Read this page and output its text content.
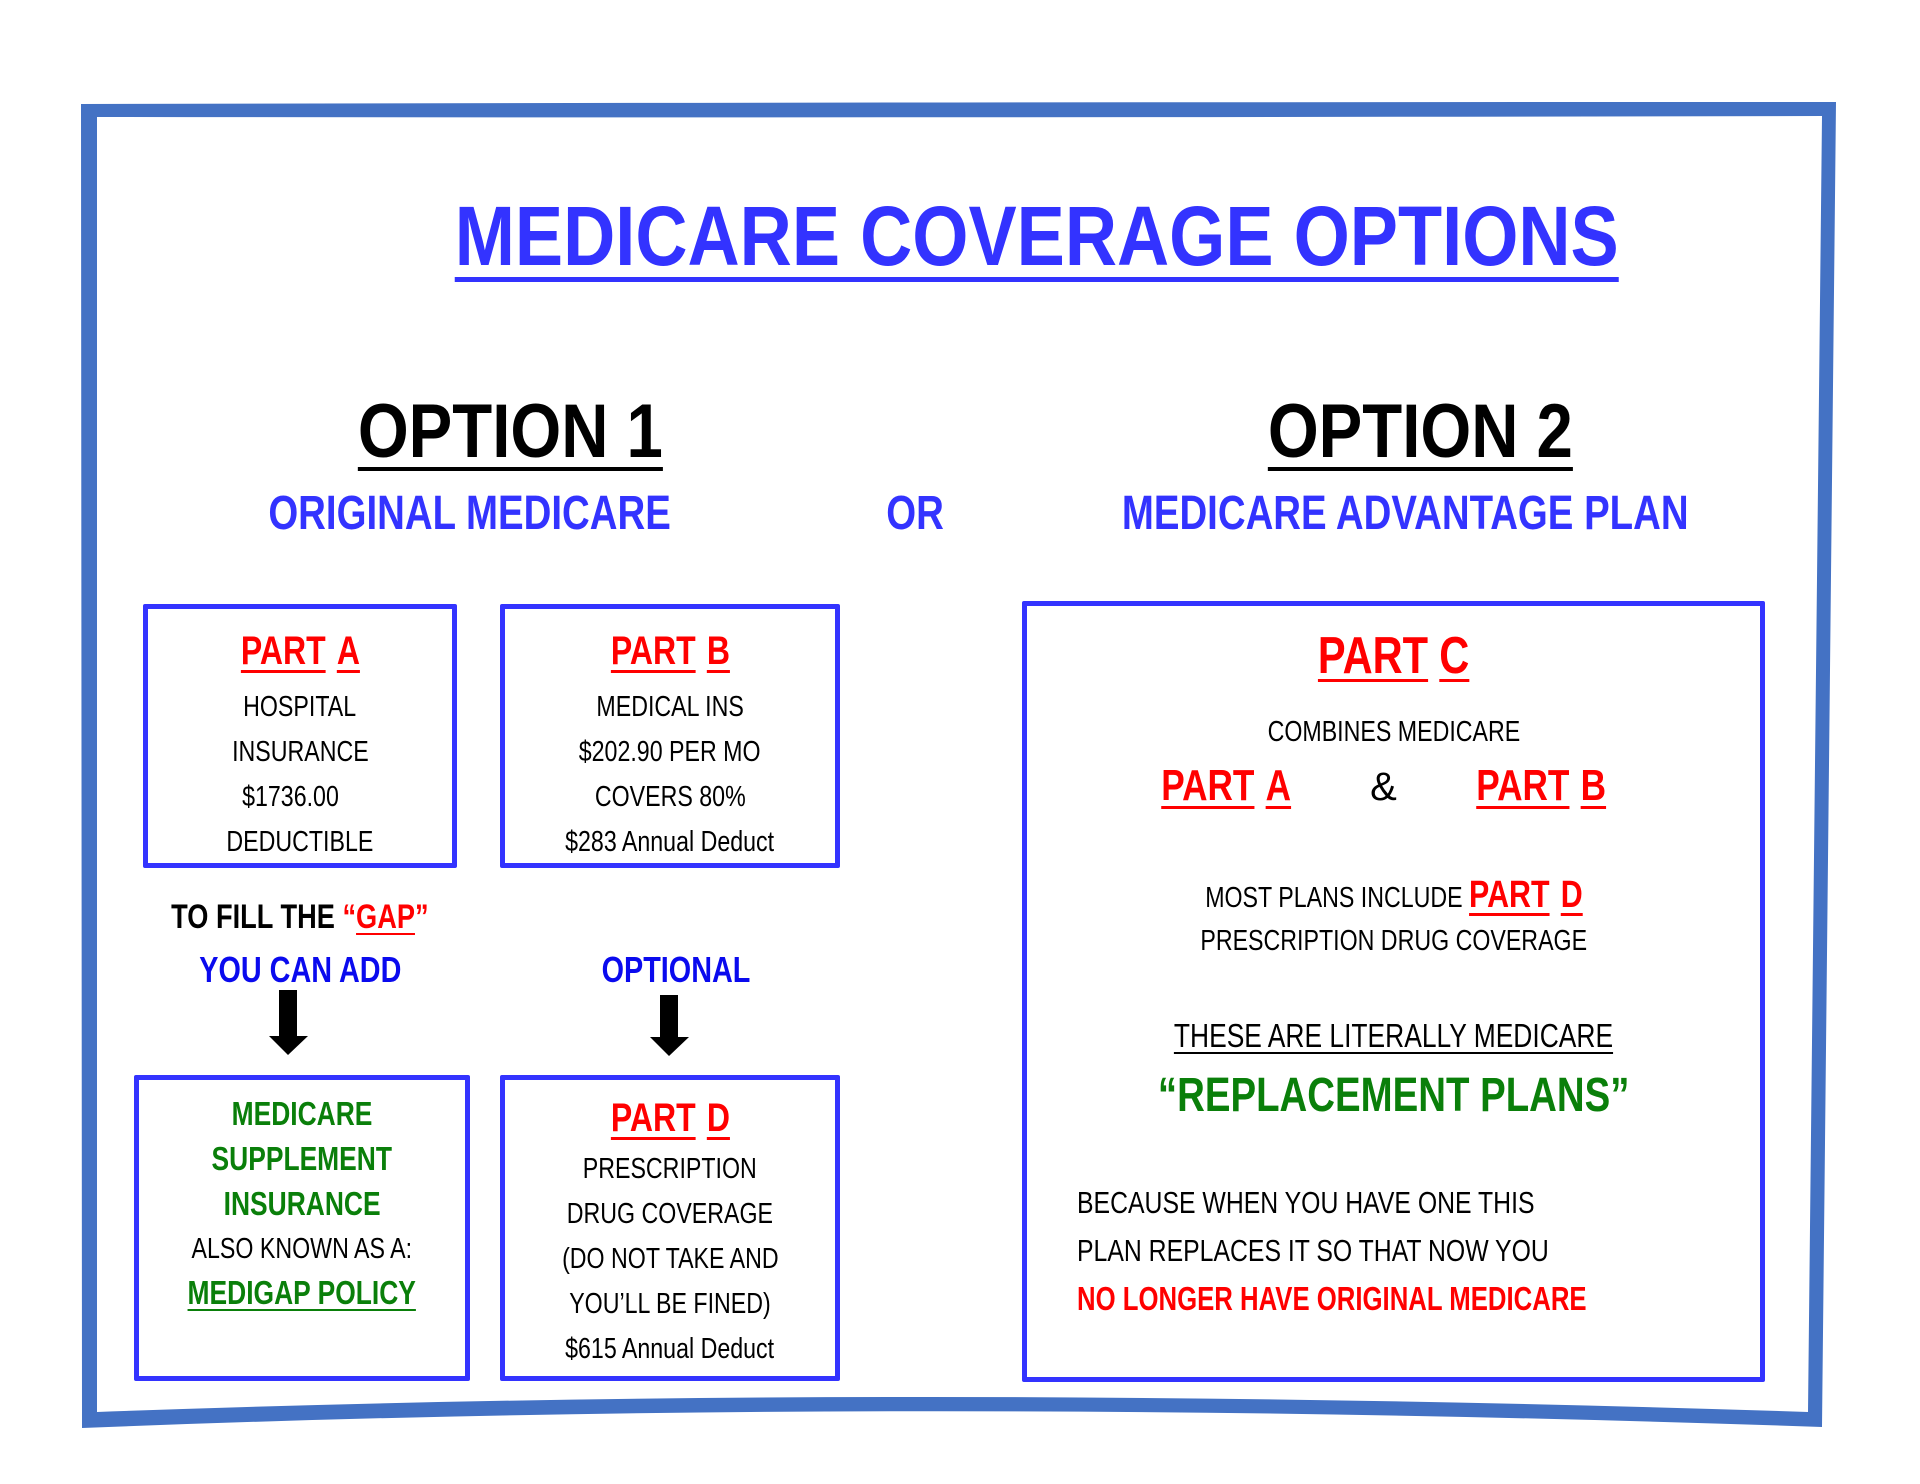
MEDICARE COVERAGE OPTIONS
OPTION 1	OPTION 2
ORIGINAL MEDICARE	OR	MEDICARE ADVANTAGE PLAN
PART A
HOSPITAL
INSURANCE
$1736.00
DEDUCTIBLE
PART B
MEDICAL INS
$202.90 PER MO
COVERS 80%
$283 Annual Deduct
TO FILL THE “GAP”
YOU CAN ADD	OPTIONAL
MEDICARE
SUPPLEMENT
INSURANCE
ALSO KNOWN AS A:
MEDIGAP POLICY
PART D
PRESCRIPTION
DRUG COVERAGE
(DO NOT TAKE AND
YOU’LL BE FINED)
$615 Annual Deduct
PART C
COMBINES MEDICARE
PART A & PART B
MOST PLANS INCLUDE PART D
PRESCRIPTION DRUG COVERAGE
THESE ARE LITERALLY MEDICARE
“REPLACEMENT PLANS”
BECAUSE WHEN YOU HAVE ONE THIS
PLAN REPLACES IT SO THAT NOW YOU
NO LONGER HAVE ORIGINAL MEDICARE
